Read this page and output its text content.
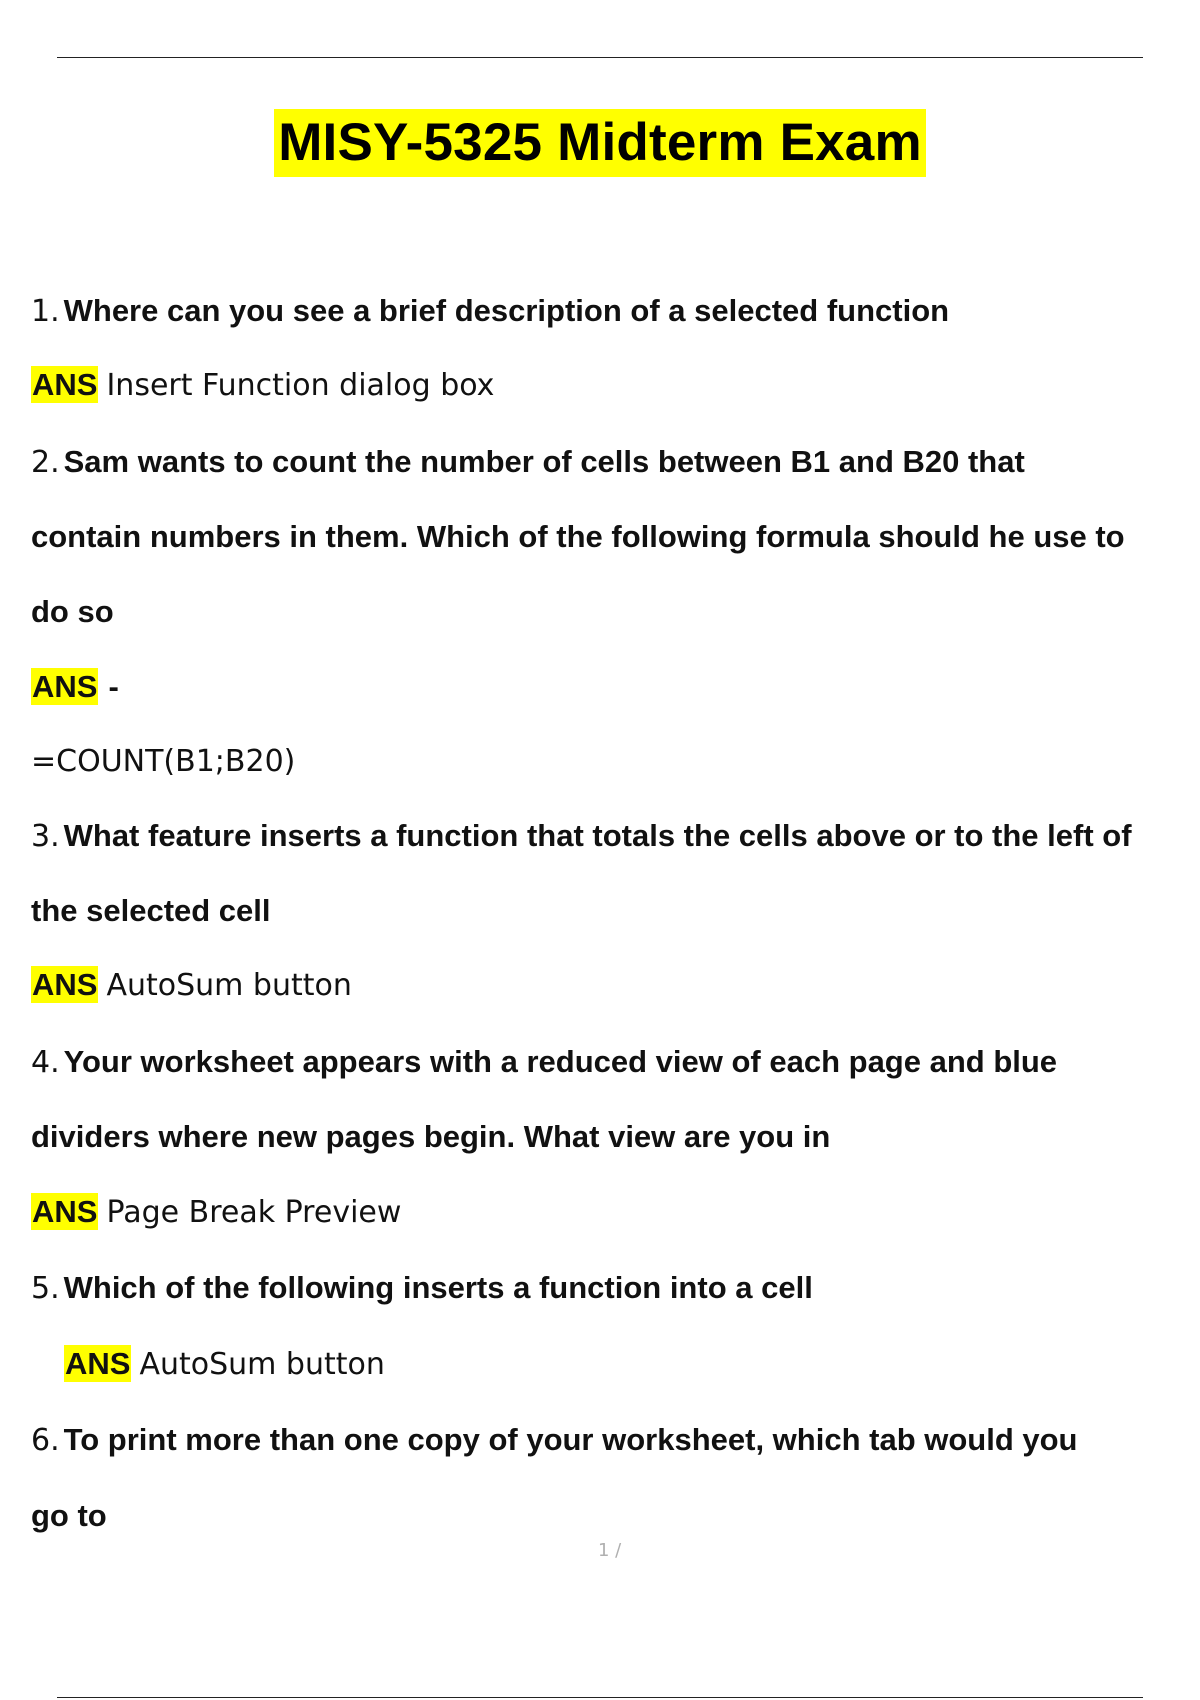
MISY-5325 Midterm Exam
1. Where can you see a brief description of a selected function
ANS Insert Function dialog box
2. Sam wants to count the number of cells between B1 and B20 that
contain numbers in them. Which of the following formula should he use to
do so
ANS -
=COUNT(B1;B20)
3. What feature inserts a function that totals the cells above or to the left of
the selected cell
ANS AutoSum button
4. Your worksheet appears with a reduced view of each page and blue
dividers where new pages begin. What view are you in
ANS Page Break Preview
5. Which of the following inserts a function into a cell
ANS AutoSum button
6. To print more than one copy of your worksheet, which tab would you
go to
1 /
